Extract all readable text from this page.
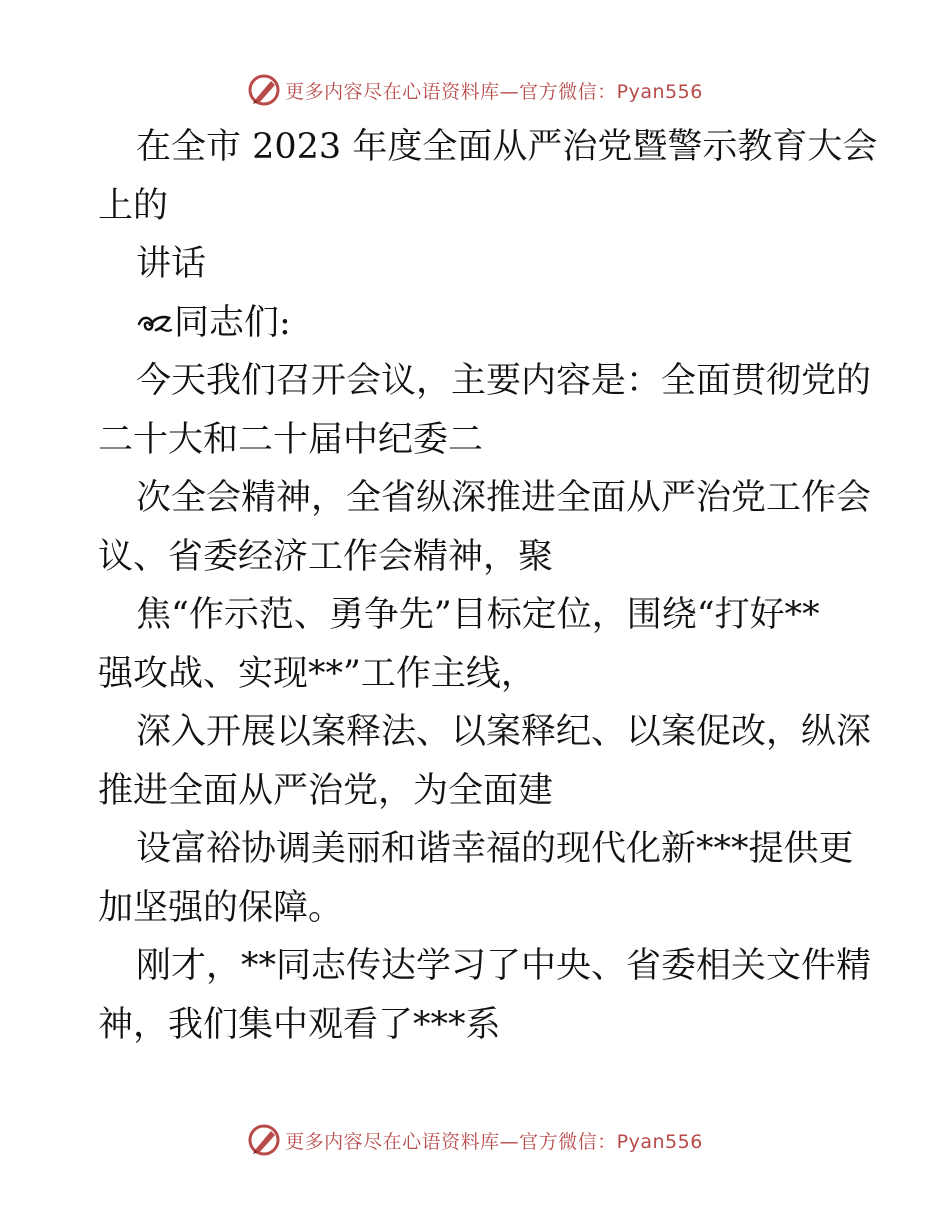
更多内容尽在心语资料库—官方微信：Pyan556
在全市 2023 年度全面从严治党暨警示教育大会
上的
讲话
同志们:
今天我们召开会议，主要内容是：全面贯彻党的
二十大和二十届中纪委二
次全会精神，全省纵深推进全面从严治党工作会
议、省委经济工作会精神，聚
焦“作示范、勇争先”目标定位，围绕“打好**
强攻战、实现**”工作主线，
深入开展以案释法、以案释纪、以案促改，纵深
推进全面从严治党，为全面建
设富裕协调美丽和谐幸福的现代化新***提供更
加坚强的保障。
刚才，**同志传达学习了中央、省委相关文件精
神，我们集中观看了***系
更多内容尽在心语资料库—官方微信：Pyan556
